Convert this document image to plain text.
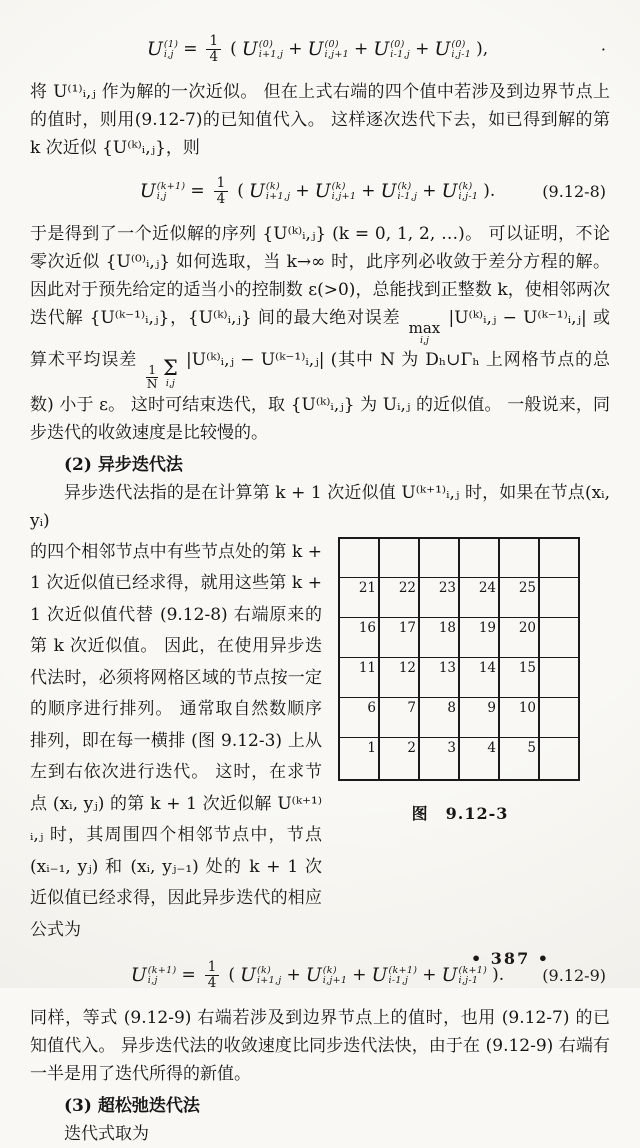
U (1)
$i,j = \frac{1}{4}$ ( U (0)
i+1,j + U (0)
i,j+1 + U (0)
i-1,j + U (0)
i,j-1 ),	·

将 U⁽¹⁾ᵢ,ⱼ 作为解的一次近似。 但在上式右端的四个值中若涉及到边界节点上的值时，则用(9.12-7)的已知值代入。 这样逐次迭代下去，如已得到解的第 k 次近似 {U⁽ᵏ⁾ᵢ,ⱼ}，则

U (k+1)
i,j	= $\frac{1}{4}$ ( U (k)
i+1,j + U (k)
i,j+1 + U (k)
i-1,j + U (k)
i,j-1 ).	(9.12-8)

于是得到了一个近似解的序列 {U⁽ᵏ⁾ᵢ,ⱼ} (k = 0, 1, 2, …)。 可以证明，不论零次近似 {U⁽⁰⁾ᵢ,ⱼ} 如何选取，当 k→∞ 时，此序列必收敛于差分方程的解。 因此对于预先给定的适当小的控制数 ε(>0)，总能找到正整数 k，使相邻两次迭代解 {U⁽ᵏ⁻¹⁾ᵢ,ⱼ}，{U⁽ᵏ⁾ᵢ,ⱼ} 间的最大绝对误差 max
i,j
|U⁽ᵏ⁾ᵢ,ⱼ − U⁽ᵏ⁻¹⁾ᵢ,ⱼ| 或算术平均误差
$\frac{1}{N}$ Σ
i,j
|U⁽ᵏ⁾ᵢ,ⱼ − U⁽ᵏ⁻¹⁾ᵢ,ⱼ| (其中 N 为 Dₕ∪Γₕ 上网格节点的总数) 小于 ε。 这时可结束迭代，取 {U⁽ᵏ⁾ᵢ,ⱼ} 为 Uᵢ,ⱼ 的近似值。 一般说来，同步迭代的收敛速度是比较慢的。

(2) 异步迭代法

异步迭代法指的是在计算第 k + 1 次近似值 U⁽ᵏ⁺¹⁾ᵢ,ⱼ 时，如果在节点(xᵢ, yᵢ)

的四个相邻节点中有些节点处的第 k + 1 次近似值已经求得，就用这些第 k + 1 次近似值代替 (9.12-8) 右端原来的第 k 次近似值。 因此，在使用异步迭代法时，必须将网格区域的节点按一定的顺序进行排列。 通常取自然数顺序排列，即在每一横排 (图 9.12-3) 上从左到右依次进行迭代。 这时，在求节点 (xᵢ, yⱼ) 的第 k + 1 次近似解 U⁽ᵏ⁺¹⁾ᵢ,ⱼ 时，其周围四个相邻节点中，节点 (xᵢ₋₁, yⱼ) 和 (xᵢ, yⱼ₋₁) 处的 k + 1 次近似值已经求得，因此异步迭代的相应公式为
1 2 3 4 5
6 7 8 9 10
11 12 13 14 15
16 17 18 19 20
21 22 23 24 25
图　9.12-3
U (k+1)
i,j	= $\frac{1}{4}$ ( U (k)
i+1,j + U (k)
i,j+1 + U (k+1)
i-1,j + U (k+1)
i,j-1 ). (9.12-9)

同样，等式 (9.12-9) 右端若涉及到边界节点上的值时，也用 (9.12-7) 的已知值代入。 异步迭代法的收敛速度比同步迭代法快，由于在 (9.12-9) 右端有一半是用了迭代所得的新值。

(3) 超松弛迭代法

迭代式取为

• 387 •
